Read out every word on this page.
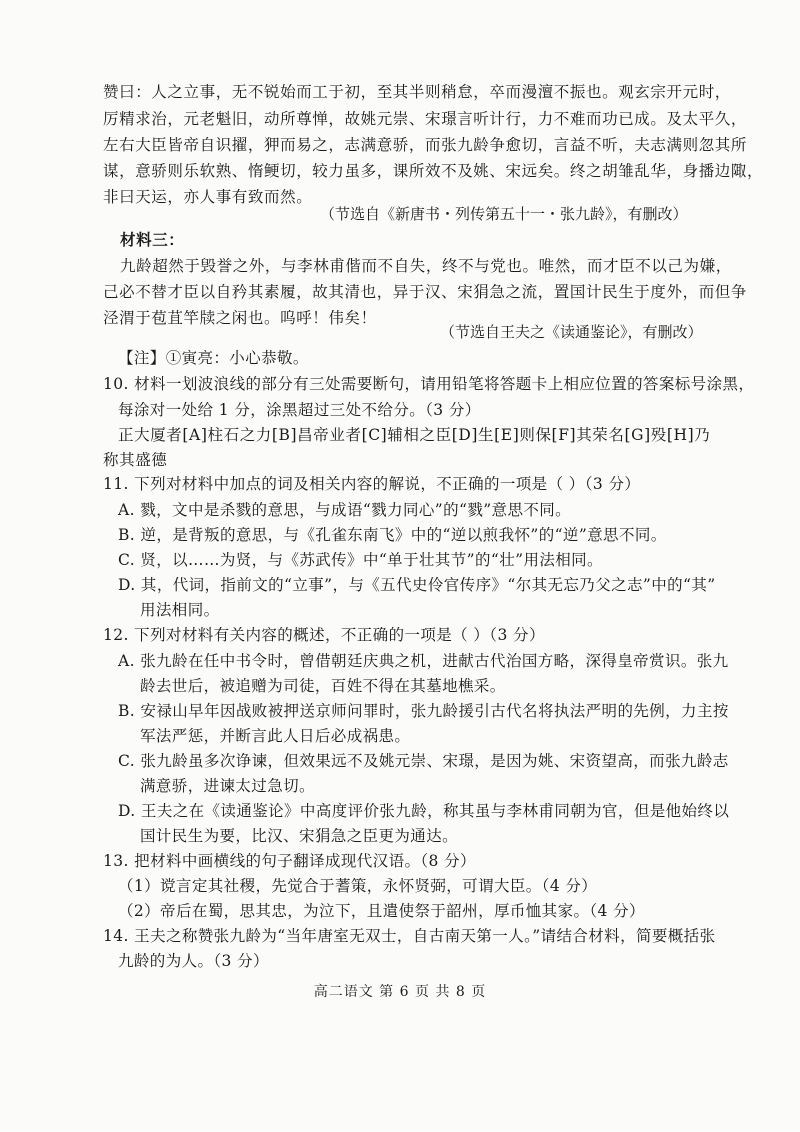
赞曰：人之立事，无不锐始而工于初，至其半则稍怠，卒而漫澶不振也。观玄宗开元时，
厉精求治，元老魁旧，动所尊惮，故姚元崇、宋璟言听计行，力不难而功已成。及太平久，
左右大臣皆帝自识擢，狎而易之，志满意骄，而张九龄争愈切，言益不听，夫志满则忽其所
谋，意骄则乐软熟、惰鲠切，较力虽多，课所效不及姚、宋远矣。终之胡雏乱华，身播边陬，
非曰天运，亦人事有致而然。
（节选自《新唐书・列传第五十一・张九龄》，有删改）
材料三：
九龄超然于毁誉之外，与李林甫偕而不自失，终不与党也。唯然，而才臣不以己为嫌，
己必不替才臣以自矜其素履，故其清也，异于汉、宋狷急之流，置国计民生于度外，而但争
泾渭于苞苴竿牍之闲也。呜呼！伟矣！
（节选自王夫之《读通鉴论》，有删改）
【注】①寅亮：小心恭敬。
10. 材料一划波浪线的部分有三处需要断句，请用铅笔将答题卡上相应位置的答案标号涂黑，
每涂对一处给 1 分，涂黑超过三处不给分。（3 分）
正大厦者[A]柱石之力[B]昌帝业者[C]辅相之臣[D]生[E]则保[F]其荣名[G]殁[H]乃
称其盛德
11. 下列对材料中加点的词及相关内容的解说，不正确的一项是（ ）（3 分）
A. 戮，文中是杀戮的意思，与成语“戮力同心”的“戮”意思不同。
B. 逆，是背叛的意思，与《孔雀东南飞》中的“逆以煎我怀”的“逆”意思不同。
C. 贤，以……为贤，与《苏武传》中“单于壮其节”的“壮”用法相同。
D. 其，代词，指前文的“立事”，与《五代史伶官传序》“尔其无忘乃父之志”中的“其”
用法相同。
12. 下列对材料有关内容的概述，不正确的一项是（ ）（3 分）
A. 张九龄在任中书令时，曾借朝廷庆典之机，进献古代治国方略，深得皇帝赏识。张九
龄去世后，被追赠为司徒，百姓不得在其墓地樵采。
B. 安禄山早年因战败被押送京师问罪时，张九龄援引古代名将执法严明的先例，力主按
军法严惩，并断言此人日后必成祸患。
C. 张九龄虽多次诤谏，但效果远不及姚元崇、宋璟，是因为姚、宋资望高，而张九龄志
满意骄，进谏太过急切。
D. 王夫之在《读通鉴论》中高度评价张九龄，称其虽与李林甫同朝为官，但是他始终以
国计民生为要，比汉、宋狷急之臣更为通达。
13. 把材料中画横线的句子翻译成现代汉语。（8 分）
（1）谠言定其社稷，先觉合于蓍策，永怀贤弼，可谓大臣。（4 分）
（2）帝后在蜀，思其忠，为泣下，且遣使祭于韶州，厚币恤其家。（4 分）
14. 王夫之称赞张九龄为“当年唐室无双士，自古南天第一人。”请结合材料，简要概括张
九龄的为人。（3 分）
高二语文 第 6 页 共 8 页
